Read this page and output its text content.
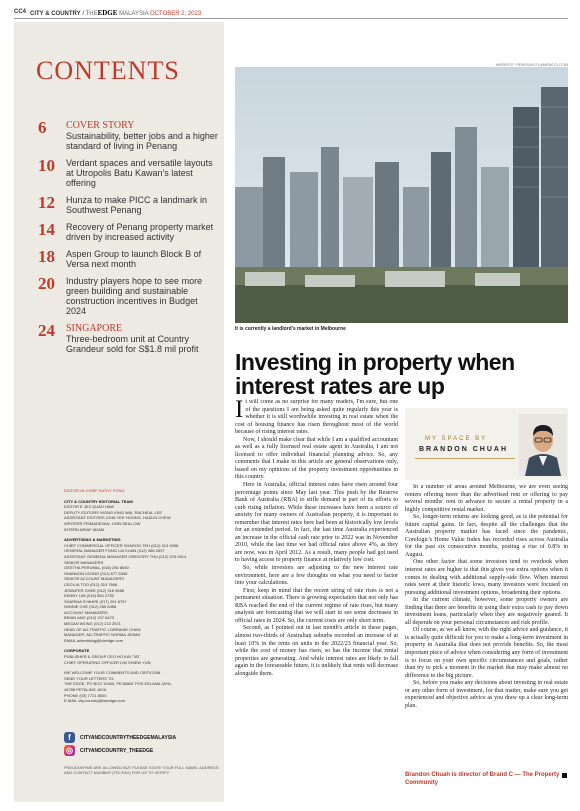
CC4 CITY & COUNTRY / THEEDGE MALAYSIA OCTOBER 2, 2023
CONTENTS
6	COVER STORY
Sustainability, better jobs and a higher standard of living in Penang
10	Verdant spaces and versatile layouts at Utropolis Batu Kawan's latest offering
12	Hunza to make PICC a landmark in Southwest Penang
14	Recovery of Penang property market driven by increased activity
18	Aspen Group to launch Block B of Versa next month
20	Industry players hope to see more green building and sustainable construction incentives in Budget 2024
24	SINGAPORE
Three-bedroom unit at Country Grandeur sold for S$1.8 mil profit
EDITOR-IN-CHIEF KATHY FONG
CITY & COUNTRY EDITORIAL TEAM
EDITOR E JEZ QUAH HAW
DEPUTY EDITORS WONG KING WAI, RACHEAL LEE
ASSISTANT EDITORS CHIN YEE HOONG, HAZLIN CHEW
WRITERS FRIMADEVAN, CHELSEA LOW
INTERN ARIAF ADAM
ADVERTISING & MARKETING
CHIEF COMMERCIAL OFFICER SHARON TEH (012) 313 9056
GENERAL MANAGER FONG LAI KUAN (012) 388 2637
ASSISTANT GENERAL MANAGER GREGORY THU (012) 376 0614
SENIOR MANAGERS
GEETHA PERUMAL (016) 250 8640
SHANNON LEONG (012) 677 5345
SENIOR ACCOUNT MANAGERS
CECILIA TOO (012) 319 7668
JENNIFER CHEE (012) 316 9688
KENNY LIM (016) 554 2735
SHARINA SYAHIRI (017) 291 6797
WINNIE CHE (012) 255 6458
ACCOUNT MANAGERS
BRIAN ANG (012) 207 6473
MEGAN WONG (012) 213 2571
HEAD OF AD-TRAFFIC LORRAINE CHAN
MANAGER, AD-TRAFFIC NORMA JIDIMA
EMAIL advertising@bizedge.com
CORPORATE
PUBLISHER & GROUP CEO HO KAY TAT
CHIEF OPERATING OFFICER LIM SHIEW YUN
WE WELCOME YOUR COMMENTS AND CRITICISM.
SEND YOUR LETTERS TO:
THE EDGE, PO BOX 10440, PEJABAT POS KELANA JAYA,
46788 PETALING JAYA
PHONE (03) 7721 8000
E-MAIL city.country@bizedge.com
f	CITYANDCOUNTRYTHEEDGEMALAYSIA
◎	CITYANDCOUNTRY_THEEDGE
PSEUDONYMS ARE ALLOWED BUT PLEASE STATE YOUR FULL NAME, ADDRESS AND CONTACT NUMBER (TEL/FAX) FOR US TO VERIFY.
WEBSITE: PENGUIN.FLAMENCO.COM
It is currently a landlord's market in Melbourne
Investing in property when interest rates are up

It will come as no surprise for many readers, I'm sure, but one of the questions I am being asked quite regularly this year is whether it is still worthwhile investing in real estate when the cost of housing finance has risen throughout most of the world because of rising interest rates.

Now, I should make clear that while I am a qualified accountant as well as a fully licensed real estate agent in Australia, I am not licensed to offer individual financial planning advice. So, any comments that I make in this article are general observations only, based on my opinions of the property investment opportunities in this country.

Here in Australia, official interest rates have risen around four percentage points since May last year. This push by the Reserve Bank of Australia (RBA) to stifle demand is part of its efforts to curb rising inflation. While these increases have been a source of anxiety for many owners of Australian property, it is important to remember that interest rates here had been at historically low levels for an extended period. In fact, the last time Australia experienced an increase in the official cash rate prior to 2022 was in November 2010, while the last time we had official rates above 4%, as they are now, was in April 2012. As a result, many people had got used to having access to property finance at relatively low cost.

So, while investors are adjusting to the new interest rate environment, here are a few thoughts on what you need to factor into your calculations.

First, keep in mind that the recent string of rate rises is not a permanent situation. There is growing expectation that not only has RBA reached the end of the current regime of rate rises, but many analysts are forecasting that we will start to see some decreases in official rates in 2024. So, the current costs are only short term.

Second, as I pointed out in last month's article in these pages, almost two-thirds of Australian suburbs recorded an increase of at least 10% in the rents on units in the 2022/23 financial year. So, while the cost of money has risen, so has the income that rental properties are generating. And while interest rates are likely to fall again in the foreseeable future, it is unlikely that rents will decrease alongside them.

MY SPACE BY
BRANDON CHUAH

In a number of areas around Melbourne, we are even seeing renters offering more than the advertised rent or offering to pay several months' rent in advance to secure a rental property in a highly competitive rental market.

So, longer-term returns are looking good, as is the potential for future capital gains. In fact, despite all the challenges that the Australian property market has faced since the pandemic, Corelogic's Home Value Index has recorded rises across Australia for the past six consecutive months, posting a rise of 0.8% in August.

One other factor that some investors tend to overlook when interest rates are higher is that this gives you extra options when it comes to dealing with additional supply-side flow. When interest rates were at their historic lows, many investors were focused on pursuing additional investment options, broadening their options.

In the current climate, however, some property owners are finding that there are benefits in using their extra cash to pay down investment loans, particularly when they are negatively geared. It all depends on your personal circumstances and risk profile.

Of course, as we all know, with the right advice and guidance, it is actually quite difficult for you to make a long-term investment in property in Australia that does not provide benefits. So, the most important piece of advice when considering any form of investment is to focus on your own specific circumstances and goals, rather than try to pick a moment in the market that may make almost no difference to the big picture.

So, before you make any decisions about investing in real estate or any other form of investment, for that matter, make sure you get experienced and objective advice as you draw up a clear long-term plan.

Brandon Chuah is director of Brand C — The Property Community
